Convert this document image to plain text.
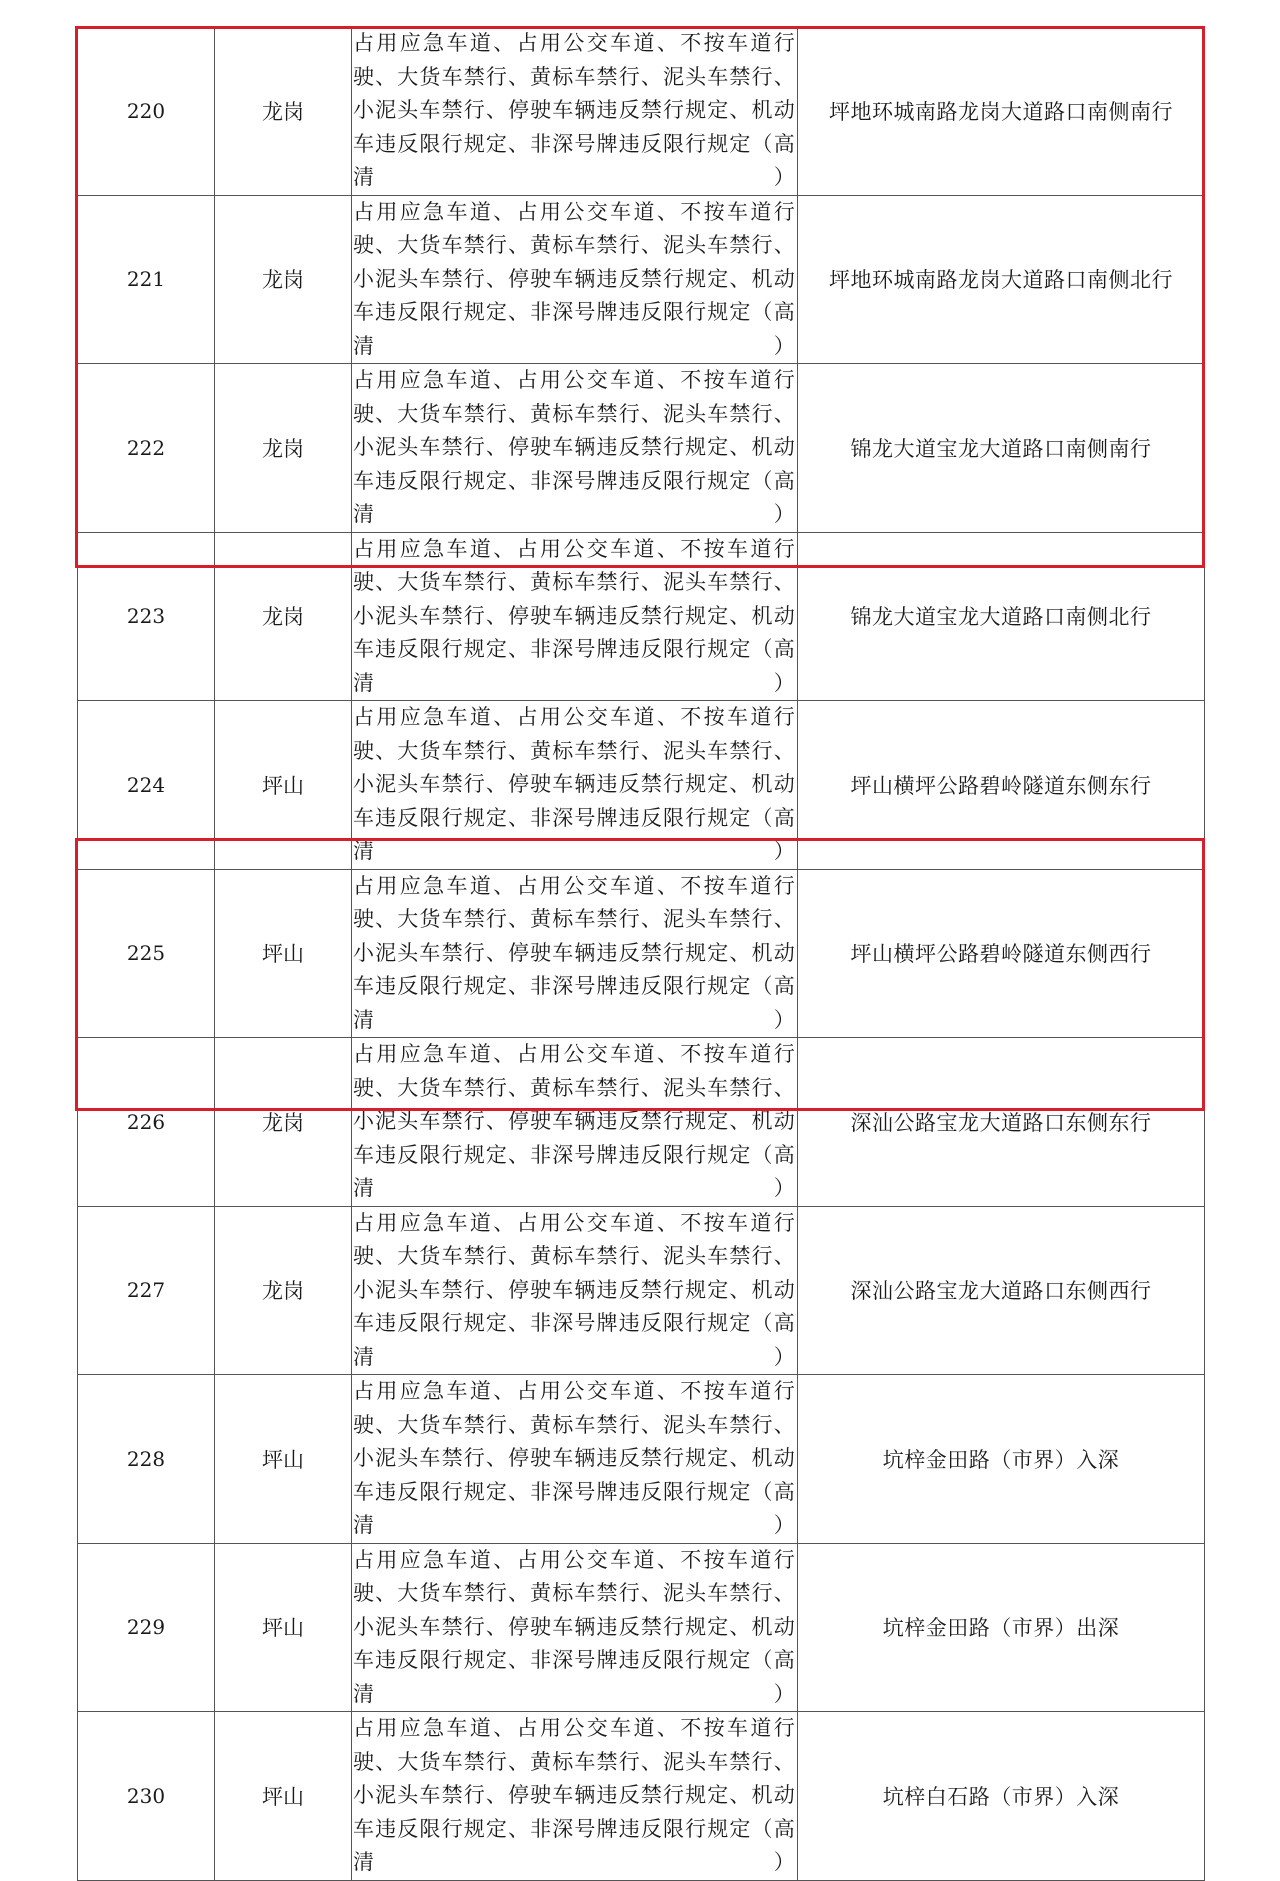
220	龙岗	占用应急车道、占用公交车道、不按车道行驶、大货车禁行、黄标车禁行、泥头车禁行、小泥头车禁行、停驶车辆违反禁行规定、机动车违反限行规定、非深号牌违反限行规定（高清）	坪地环城南路龙岗大道路口南侧南行
221	龙岗	占用应急车道、占用公交车道、不按车道行驶、大货车禁行、黄标车禁行、泥头车禁行、小泥头车禁行、停驶车辆违反禁行规定、机动车违反限行规定、非深号牌违反限行规定（高清）	坪地环城南路龙岗大道路口南侧北行
222	龙岗	占用应急车道、占用公交车道、不按车道行驶、大货车禁行、黄标车禁行、泥头车禁行、小泥头车禁行、停驶车辆违反禁行规定、机动车违反限行规定、非深号牌违反限行规定（高清）	锦龙大道宝龙大道路口南侧南行
223	龙岗	占用应急车道、占用公交车道、不按车道行驶、大货车禁行、黄标车禁行、泥头车禁行、小泥头车禁行、停驶车辆违反禁行规定、机动车违反限行规定、非深号牌违反限行规定（高清）	锦龙大道宝龙大道路口南侧北行
224	坪山	占用应急车道、占用公交车道、不按车道行驶、大货车禁行、黄标车禁行、泥头车禁行、小泥头车禁行、停驶车辆违反禁行规定、机动车违反限行规定、非深号牌违反限行规定（高清）	坪山横坪公路碧岭隧道东侧东行
225	坪山	占用应急车道、占用公交车道、不按车道行驶、大货车禁行、黄标车禁行、泥头车禁行、小泥头车禁行、停驶车辆违反禁行规定、机动车违反限行规定、非深号牌违反限行规定（高清）	坪山横坪公路碧岭隧道东侧西行
226	龙岗	占用应急车道、占用公交车道、不按车道行驶、大货车禁行、黄标车禁行、泥头车禁行、小泥头车禁行、停驶车辆违反禁行规定、机动车违反限行规定、非深号牌违反限行规定（高清）	深汕公路宝龙大道路口东侧东行
227	龙岗	占用应急车道、占用公交车道、不按车道行驶、大货车禁行、黄标车禁行、泥头车禁行、小泥头车禁行、停驶车辆违反禁行规定、机动车违反限行规定、非深号牌违反限行规定（高清）	深汕公路宝龙大道路口东侧西行
228	坪山	占用应急车道、占用公交车道、不按车道行驶、大货车禁行、黄标车禁行、泥头车禁行、小泥头车禁行、停驶车辆违反禁行规定、机动车违反限行规定、非深号牌违反限行规定（高清）	坑梓金田路（市界）入深
229	坪山	占用应急车道、占用公交车道、不按车道行驶、大货车禁行、黄标车禁行、泥头车禁行、小泥头车禁行、停驶车辆违反禁行规定、机动车违反限行规定、非深号牌违反限行规定（高清）	坑梓金田路（市界）出深
230	坪山	占用应急车道、占用公交车道、不按车道行驶、大货车禁行、黄标车禁行、泥头车禁行、小泥头车禁行、停驶车辆违反禁行规定、机动车违反限行规定、非深号牌违反限行规定（高清）	坑梓白石路（市界）入深
